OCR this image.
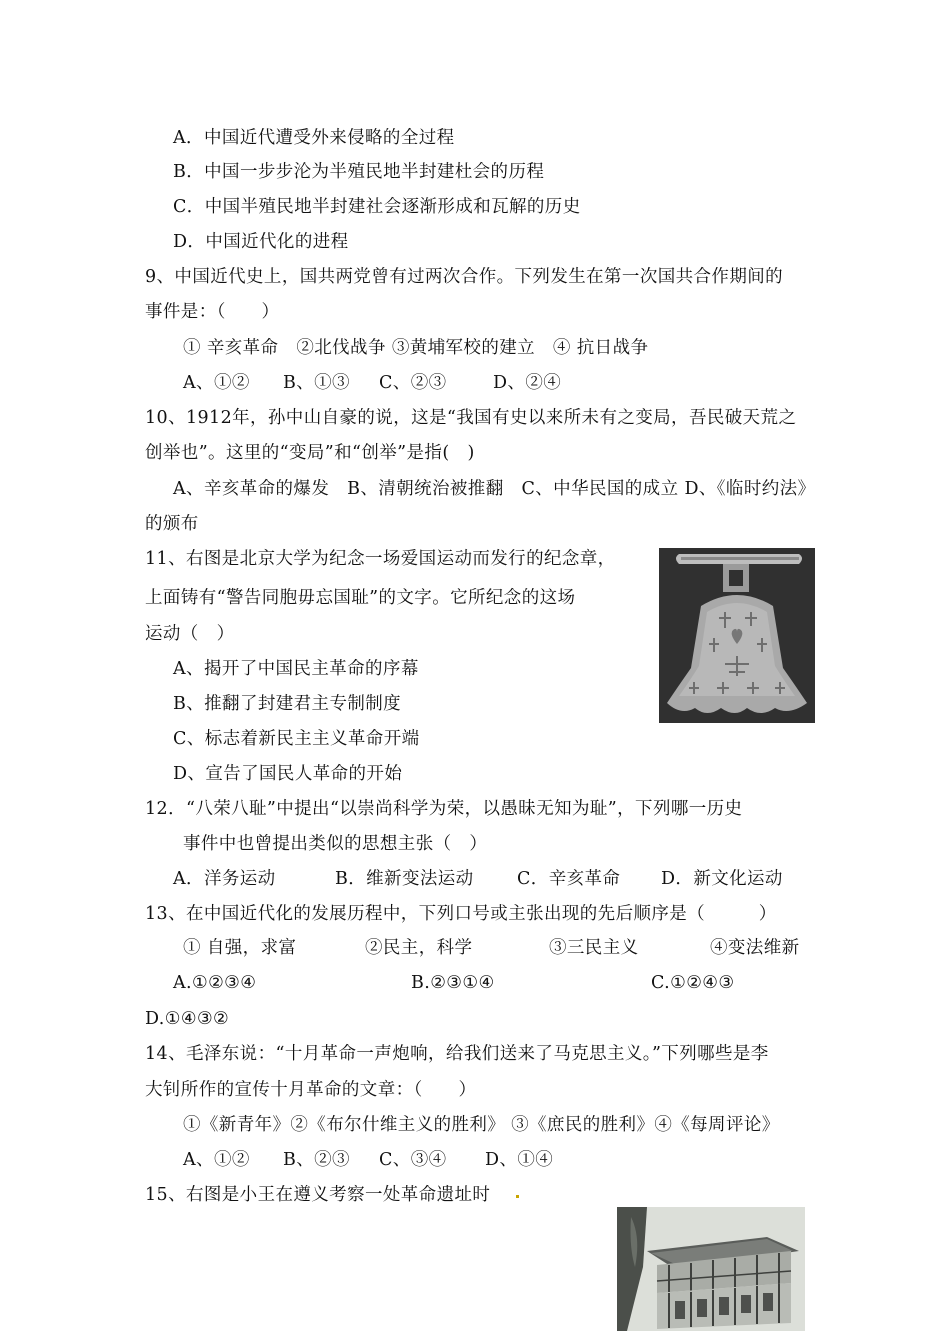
A．中国近代遭受外来侵略的全过程
B．中国一步步沦为半殖民地半封建杜会的历程
C．中国半殖民地半封建社会逐渐形成和瓦解的历史
D．中国近代化的进程
9、中国近代史上，国共两党曾有过两次合作。下列发生在第一次国共合作期间的
事件是：（　　）
① 辛亥革命　②北伐战争 ③黄埔军校的建立　④ 抗日战争
A、①② B、①③ C、②③	D、②④
10、1912年，孙中山自豪的说，这是“我国有史以来所未有之变局，吾民破天荒之
创举也”。这里的“变局”和“创举”是指(　)
A、辛亥革命的爆发　B、清朝统治被推翻　C、中华民国的成立 D、《临时约法》
的颁布
11、右图是北京大学为纪念一场爱国运动而发行的纪念章，
上面铸有“警告同胞毋忘国耻”的文字。它所纪念的这场
运动（　）
A、揭开了中国民主革命的序幕
B、推翻了封建君主专制制度
C、标志着新民主主义革命开端
D、宣告了国民人革命的开始
12．“八荣八耻”中提出“以崇尚科学为荣，以愚昧无知为耻”，下列哪一历史
事件中也曾提出类似的思想主张（　）
A．洋务运动	B．维新变法运动 C．辛亥革命 D．新文化运动
13、在中国近代化的发展历程中，下列口号或主张出现的先后顺序是（　　　）
① 自强，求富	②民主，科学	③三民主义	④变法维新
A.①②③④	B.②③①④	C.①②④③
D.①④③②
14、毛泽东说：“十月革命一声炮响，给我们送来了马克思主义。”下列哪些是李
大钊所作的宣传十月革命的文章：（　　）
①《新青年》②《布尔什维主义的胜利》 ③《庶民的胜利》④《每周评论》
A、①② B、②③ C、③④ D、①④
15、右图是小王在遵义考察一处革命遗址时
